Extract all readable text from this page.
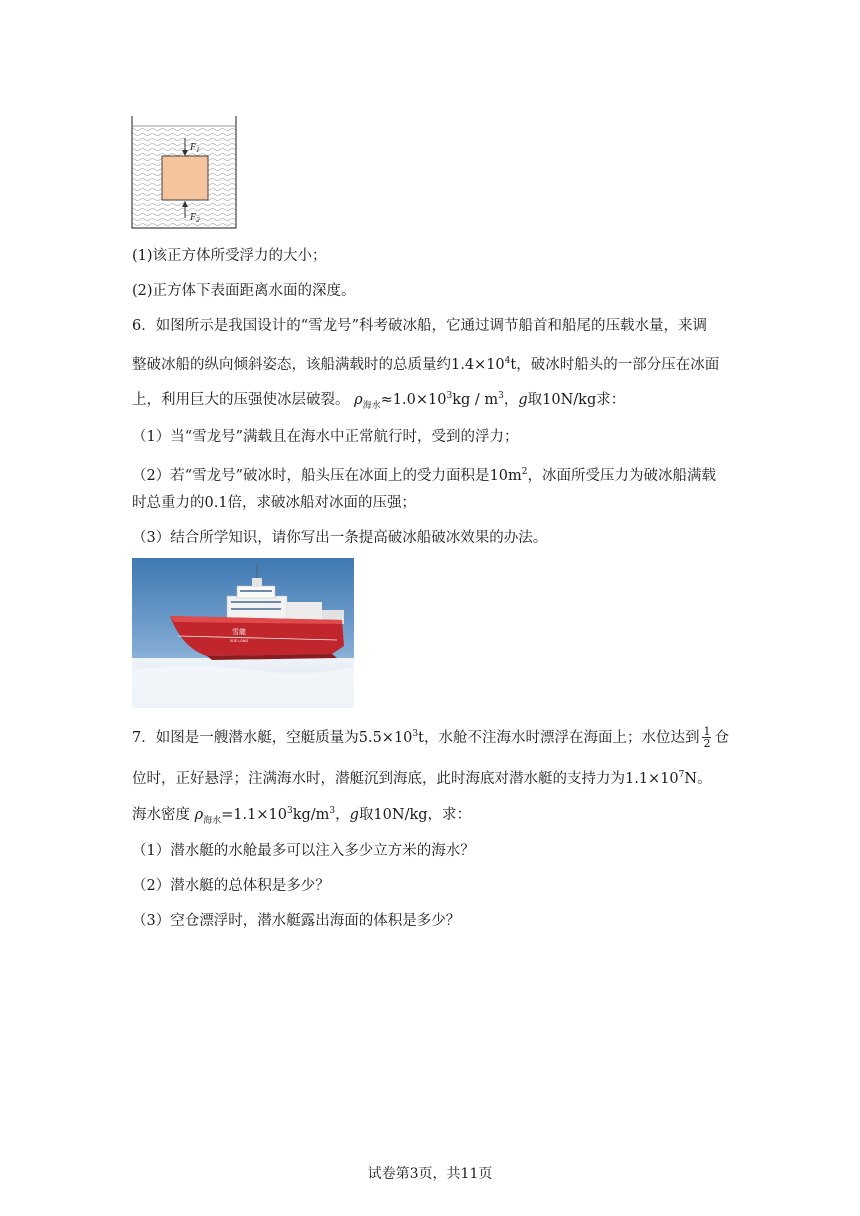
$F_1$
$F_2$
(1)该正方体所受浮力的大小；
(2)正方体下表面距离水面的深度。
6．如图所示是我国设计的“雪龙号”科考破冰船，它通过调节船首和船尾的压载水量，来调
整破冰船的纵向倾斜姿态，该船满载时的总质量约$1.4\times 10^4t$，破冰时船头的一部分压在冰面
上，利用巨大的压强使冰层破裂。 $\rho_{海水}\approx 1.0\times 10^3kg / m^3$，g取10N/kg求：
（1）当“雪龙号”满载且在海水中正常航行时，受到的浮力；
（2）若“雪龙号”破冰时，船头压在冰面上的受力面积是$10m^2$，冰面所受压力为破冰船满载
时总重力的0.1倍，求破冰船对冰面的压强；
（3）结合所学知识，请你写出一条提高破冰船破冰效果的办法。
雪龍
XUE LONG
7．如图是一艘潜水艇，空艇质量为$5.5\times 10^3t$，水舱不注海水时漂浮在海面上；水位达到 $\frac{1}{2}$ 仓
位时，正好悬浮；注满海水时，潜艇沉到海底，此时海底对潜水艇的支持力为$1.1\times 10^7N$。
海水密度 $\rho_{海水}=1.1\times 10^3kg/m^3$，g取10N/kg，求：
（1）潜水艇的水舱最多可以注入多少立方米的海水？
（2）潜水艇的总体积是多少？
（3）空仓漂浮时，潜水艇露出海面的体积是多少？
试卷第3页，共11页
